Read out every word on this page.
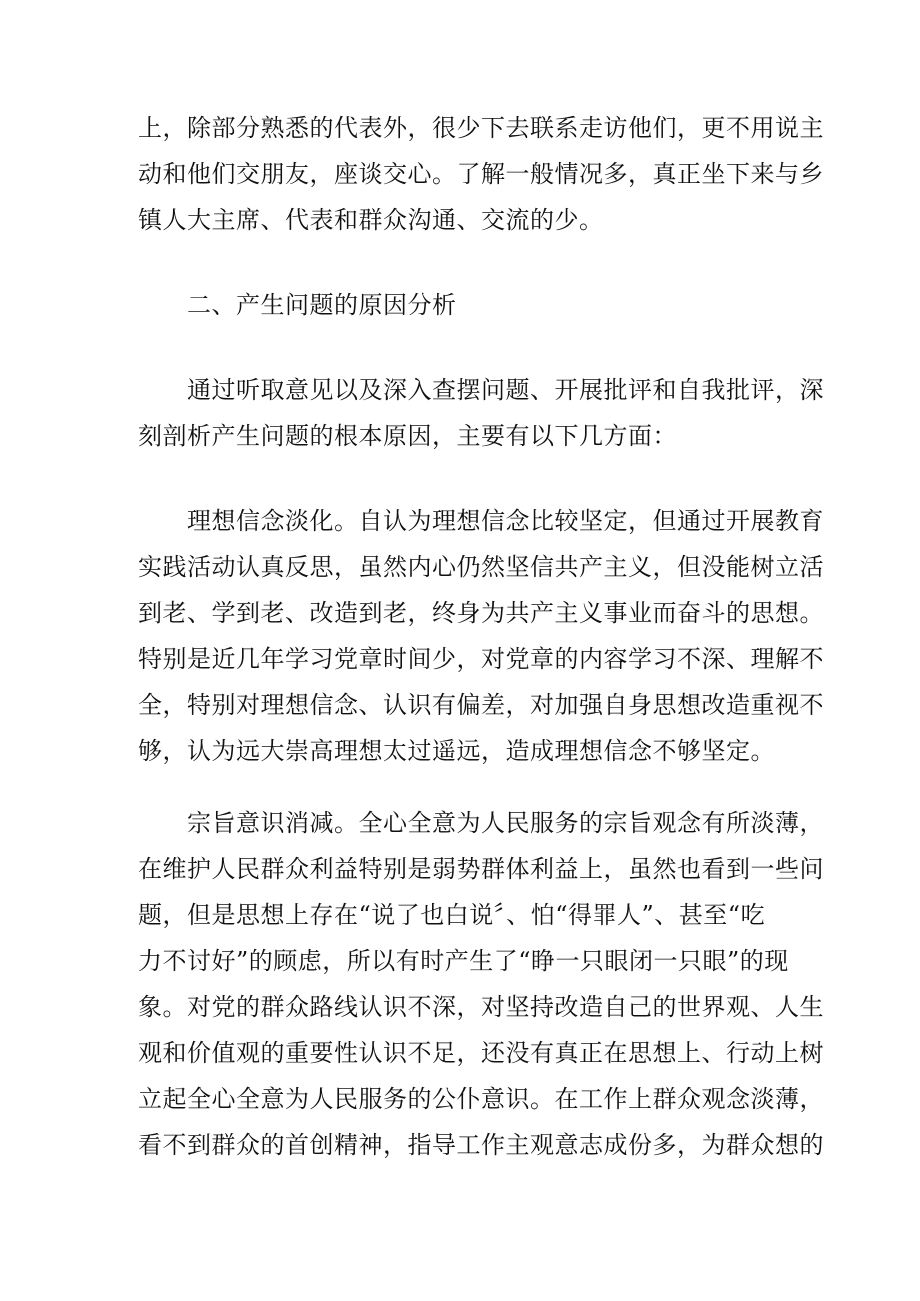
上，除部分熟悉的代表外，很少下去联系走访他们，更不用说主
动和他们交朋友，座谈交心。了解一般情况多，真正坐下来与乡
镇人大主席、代表和群众沟通、交流的少。
二、产生问题的原因分析
通过听取意见以及深入查摆问题、开展批评和自我批评，深
刻剖析产生问题的根本原因，主要有以下几方面：
理想信念淡化。自认为理想信念比较坚定，但通过开展教育
实践活动认真反思，虽然内心仍然坚信共产主义，但没能树立活
到老、学到老、改造到老，终身为共产主义事业而奋斗的思想。
特别是近几年学习党章时间少，对党章的内容学习不深、理解不
全，特别对理想信念、认识有偏差，对加强自身思想改造重视不
够，认为远大崇高理想太过遥远，造成理想信念不够坚定。
宗旨意识消减。全心全意为人民服务的宗旨观念有所淡薄，
在维护人民群众利益特别是弱势群体利益上，虽然也看到一些问
题，但是思想上存在“说了也白说〞、怕“得罪人”、甚至“吃
力不讨好”的顾虑，所以有时产生了“睁一只眼闭一只眼”的现
象。对党的群众路线认识不深，对坚持改造自己的世界观、人生
观和价值观的重要性认识不足，还没有真正在思想上、行动上树
立起全心全意为人民服务的公仆意识。在工作上群众观念淡薄，
看不到群众的首创精神，指导工作主观意志成份多，为群众想的
